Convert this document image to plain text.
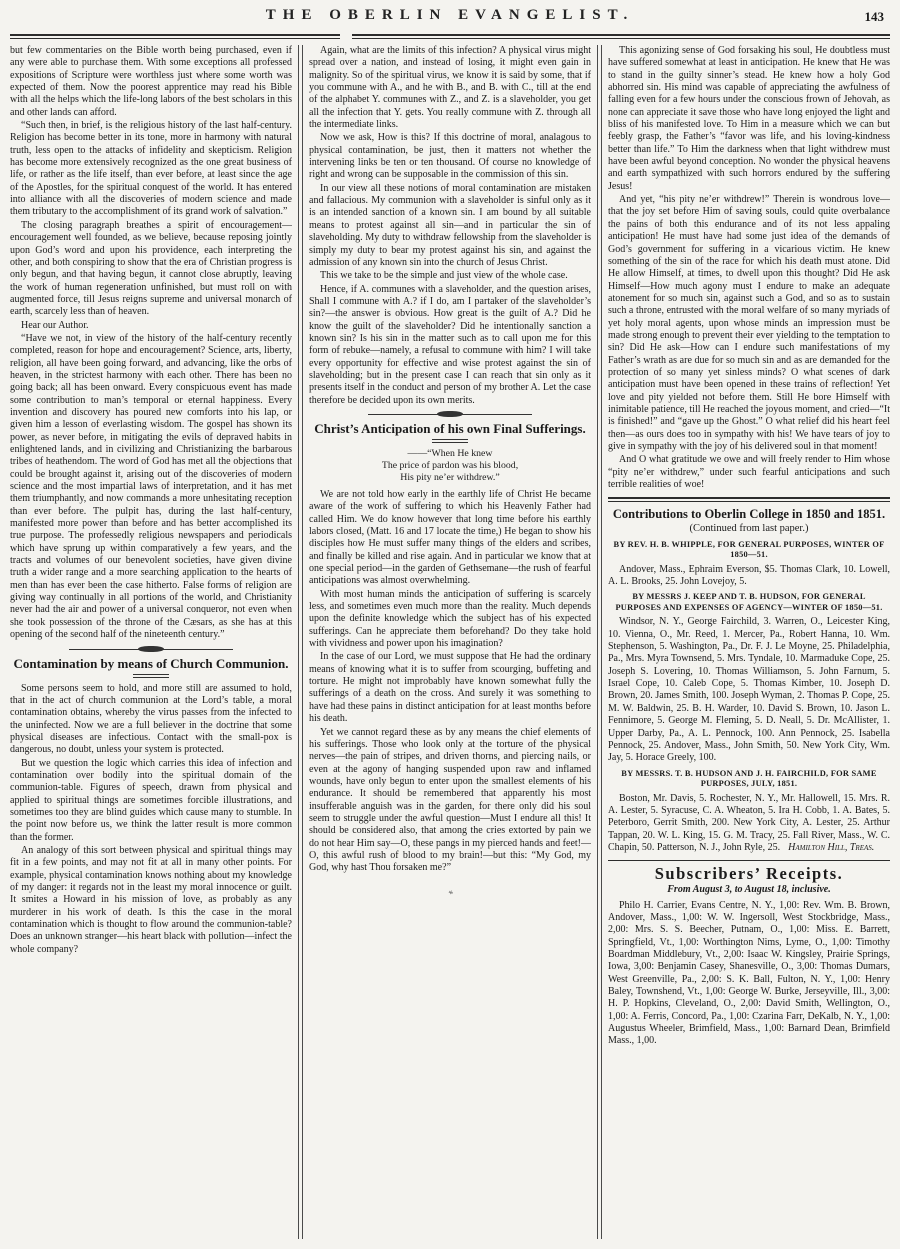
THE OBERLIN EVANGELIST.	143

but few commentaries on the Bible worth being purchased, even if any were able to purchase them. With some exceptions all professed expositions of Scripture were worthless just where some worth was expected of them. Now the poorest apprentice may read his Bible with all the helps which the life-long labors of the best scholars in this and other lands can afford.

“Such then, in brief, is the religious history of the last half-century. Religion has become better in its tone, more in harmony with natural truth, less open to the attacks of infidelity and skepticism. Religion has become more extensively recognized as the one great business of life, or rather as the life itself, than ever before, at least since the age of the Apostles, for the spiritual conquest of the world. It has entered into alliance with all the discoveries of modern science and made them tributary to the accomplishment of its grand work of salvation.”

The closing paragraph breathes a spirit of encouragement—encouragement well founded, as we believe, because reposing jointly upon God’s word and upon his providence, each interpreting the other, and both conspiring to show that the era of Christian progress is only begun, and that having begun, it cannot close abruptly, leaving the work of human regeneration unfinished, but must roll on with augmented force, till Jesus reigns supreme and universal monarch of earth, scarcely less than of heaven.

Hear our Author.

“Have we not, in view of the history of the half-century recently completed, reason for hope and encouragement? Science, arts, liberty, religion, all have been going forward, and advancing, like the orbs of heaven, in the strictest harmony with each other. There has been no going back; all has been onward. Every conspicuous event has made some contribution to man’s temporal or eternal happiness. Every invention and discovery has poured new comforts into his lap, or given him a lesson of everlasting wisdom. The gospel has shown its power, as never before, in mitigating the evils of depraved habits in enlightened lands, and in civilizing and Christianizing the barbarous tribes of heathendom. The word of God has met all the objections that could be brought against it, arising out of the discoveries of modern science and the most impartial laws of interpretation, and it has met them triumphantly, and now commands a more unhesitating reception than ever before. The pulpit has, during the last half-century, manifested more power than before and has better accomplished its true purpose. The professedly religious newspapers and periodicals which have sprung up within comparatively a few years, and the tracts and volumes of our benevolent societies, have given divine truth a wider range and a more searching application to the hearts of men than has ever been the case hitherto. False forms of religion are giving way continually in all portions of the world, and Christianity never had the air and power of a universal conqueror, not even when she took possession of the throne of the Cæsars, as she has at this opening of the second half of the nineteenth century.”

Contamination by means of Church Communion.

Some persons seem to hold, and more still are assumed to hold, that in the act of church communion at the Lord’s table, a moral contamination obtains, whereby the virus passes from the infected to the uninfected. Now we are a full believer in the doctrine that some physical diseases are infectious. Contact with the small-pox is dangerous, no doubt, unless your system is protected.

But we question the logic which carries this idea of infection and contamination over bodily into the spiritual domain of the communion-table. Figures of speech, drawn from physical and applied to spiritual things are sometimes forcible illustrations, and sometimes too they are blind guides which cause many to stumble. In the point now before us, we think the latter result is more common than the former.

An analogy of this sort between physical and spiritual things may fit in a few points, and may not fit at all in many other points. For example, physical contamination knows nothing about my knowledge of my danger: it regards not in the least my moral innocence or guilt. It smites a Howard in his mission of love, as probably as any murderer in his work of death. Is this the case in the moral contamination which is thought to flow around the communion-table? Does an unknown stranger—his heart black with pollution—infect the whole company?

Again, what are the limits of this infection? A physical virus might spread over a nation, and instead of losing, it might even gain in malignity. So of the spiritual virus, we know it is said by some, that if you commune with A., and he with B., and B. with C., till at the end of the alphabet Y. communes with Z., and Z. is a slaveholder, you get all the infection that Y. gets. You really commune with Z. through all the intermediate links.

Now we ask, How is this? If this doctrine of moral, analagous to physical contamination, be just, then it matters not whether the intervening links be ten or ten thousand. Of course no knowledge of right and wrong can be supposable in the commission of this sin.

In our view all these notions of moral contamination are mistaken and fallacious. My communion with a slaveholder is sinful only as it is an intended sanction of a known sin. I am bound by all suitable means to protest against all sin—and in particular the sin of slaveholding. My duty to withdraw fellowship from the slaveholder is simply my duty to bear my protest against his sin, and against the admission of any known sin into the church of Jesus Christ.

This we take to be the simple and just view of the whole case.

Hence, if A. communes with a slaveholder, and the question arises, Shall I commune with A.? if I do, am I partaker of the slaveholder’s sin?—the answer is obvious. How great is the guilt of A.? Did he know the guilt of the slaveholder? Did he intentionally sanction a known sin? Is his sin in the matter such as to call upon me for this form of rebuke—namely, a refusal to commune with him? I will take every opportunity for effective and wise protest against the sin of slaveholding; but in the present case I can reach that sin only as it presents itself in the conduct and person of my brother A. Let the case therefore be decided upon its own merits.

Christ’s Anticipation of his own Final Sufferings.
——“When He knew
The price of pardon was his blood,
His pity ne’er withdrew.”

We are not told how early in the earthly life of Christ He became aware of the work of suffering to which his Heavenly Father had called Him. We do know however that long time before his earthly labors closed, (Matt. 16 and 17 locate the time,) He began to show his disciples how He must suffer many things of the elders and scribes, and finally be killed and rise again. And in particular we know that at one special period—in the garden of Gethsemane—the rush of fearful anticipations was almost overwhelming.

With most human minds the anticipation of suffering is scarcely less, and sometimes even much more than the reality. Much depends upon the definite knowledge which the subject has of his expected sufferings. Can he appreciate them beforehand? Do they take hold with vividness and power upon his imagination?

In the case of our Lord, we must suppose that He had the ordinary means of knowing what it is to suffer from scourging, buffeting and torture. He might not improbably have known somewhat fully the sufferings of a death on the cross. And surely it was something to have had these pains in distinct anticipation for at least months before his death.

Yet we cannot regard these as by any means the chief elements of his sufferings. Those who look only at the torture of the physical nerves—the pain of stripes, and driven thorns, and piercing nails, or even at the agony of hanging suspended upon raw and inflamed wounds, have only begun to enter upon the smallest elements of his endurance. It should be remembered that apparently his most insufferable anguish was in the garden, for there only did his soul seem to struggle under the awful question—Must I endure all this! It should be considered also, that among the cries extorted by pain we do not hear Him say—O, these pangs in my pierced hands and feet!—O, this awful rush of blood to my brain!—but this: “My God, my God, why hast Thou forsaken me?”

*

This agonizing sense of God forsaking his soul, He doubtless must have suffered somewhat at least in anticipation. He knew that He was to stand in the guilty sinner’s stead. He knew how a holy God abhorred sin. His mind was capable of appreciating the awfulness of falling even for a few hours under the conscious frown of Jehovah, as none can appreciate it save those who have long enjoyed the light and bliss of his manifested love. To Him in a measure which we can but feebly grasp, the Father’s “favor was life, and his loving-kindness better than life.” To Him the darkness when that light withdrew must have been awful beyond conception. No wonder the physical heavens and earth sympathized with such horrors endured by the suffering Jesus!

And yet, “his pity ne’er withdrew!” Therein is wondrous love—that the joy set before Him of saving souls, could quite overbalance the pains of both this endurance and of its not less appaling anticipation! He must have had some just idea of the demands of God’s government for suffering in a vicarious victim. He knew something of the sin of the race for which his death must atone. Did He allow Himself, at times, to dwell upon this thought? Did He ask Himself—How much agony must I endure to make an adequate atonement for so much sin, against such a God, and so as to sustain such a throne, entrusted with the moral welfare of so many myriads of yet holy moral agents, upon whose minds an impression must be made strong enough to prevent their ever yielding to the temptation to sin? Did He ask—How can I endure such manifestations of my Father’s wrath as are due for so much sin and as are demanded for the protection of so many yet sinless minds? O what scenes of dark anticipation must have been opened in these trains of reflection! Yet love and pity yielded not before them. Still He bore Himself with inimitable patience, till He reached the joyous moment, and cried—“It is finished!” and “gave up the Ghost.” O what relief did his heart feel then—as ours does too in sympathy with his! We have tears of joy to give in sympathy with the joy of his delivered soul in that moment!

And O what gratitude we owe and will freely render to Him whose “pity ne’er withdrew,” under such fearful anticipations and such terrible realities of woe!

Contributions to Oberlin College in 1850 and 1851.
(Continued from last paper.)

BY REV. H. B. WHIPPLE, FOR GENERAL PURPOSES, WINTER OF 1850—51.

Andover, Mass., Ephraim Everson, $5. Thomas Clark, 10. Lowell, A. L. Brooks, 25. John Lovejoy, 5.

BY MESSRS J. KEEP AND T. B. HUDSON, FOR GENERAL PURPOSES AND EXPENSES OF AGENCY—WINTER OF 1850—51.

Windsor, N. Y., George Fairchild, 3. Warren, O., Leicester King, 10. Vienna, O., Mr. Reed, 1. Mercer, Pa., Robert Hanna, 10. Wm. Stephenson, 5. Washington, Pa., Dr. F. J. Le Moyne, 25. Philadelphia, Pa., Mrs. Myra Townsend, 5. Mrs. Tyndale, 10. Marmaduke Cope, 25. Joseph S. Lovering, 10. Thomas Williamson, 5. John Farnum, 5. Israel Cope, 10. Caleb Cope, 5. Thomas Kimber, 10. Joseph D. Brown, 20. James Smith, 100. Joseph Wyman, 2. Thomas P. Cope, 25. M. W. Baldwin, 25. B. H. Warder, 10. David S. Brown, 10. Jason L. Fennimore, 5. George M. Fleming, 5. D. Neall, 5. Dr. McAllister, 1. Upper Darby, Pa., A. L. Pennock, 100. Ann Pennock, 25. Isabella Pennock, 25. Andover, Mass., John Smith, 50. New York City, Wm. Jay, 5. Horace Greely, 100.

BY MESSRS. T. B. HUDSON AND J. H. FAIRCHILD, FOR SAME PURPOSES, JULY, 1851.

Boston, Mr. Davis, 5. Rochester, N. Y., Mr. Hallowell, 15. Mrs. R. A. Lester, 5. Syracuse, C. A. Wheaton, 5. Ira H. Cobb, 1. A. Bates, 5. Peterboro, Gerrit Smith, 200. New York City, A. Lester, 25. Arthur Tappan, 20. W. L. King, 15. G. M. Tracy, 25. Fall River, Mass., W. C. Chapin, 50. Patterson, N. J., John Ryle, 25. Hamilton Hill, Treas.

Subscribers’ Receipts.
From August 3, to August 18, inclusive.

Philo H. Carrier, Evans Centre, N. Y., 1,00: Rev. Wm. B. Brown, Andover, Mass., 1,00: W. W. Ingersoll, West Stockbridge, Mass., 2,00: Mrs. S. S. Beecher, Putnam, O., 1,00: Miss. E. Barrett, Springfield, Vt., 1,00: Worthington Nims, Lyme, O., 1,00: Timothy Boardman Middlebury, Vt., 2,00: Isaac W. Kingsley, Prairie Springs, Iowa, 3,00: Benjamin Casey, Shanesville, O., 3,00: Thomas Dumars, West Greenville, Pa., 2,00: S. K. Ball, Fulton, N. Y., 1,00: Henry Baley, Townshend, Vt., 1,00: George W. Burke, Jerseyville, Ill., 3,00: H. P. Hopkins, Cleveland, O., 2,00: David Smith, Wellington, O., 1,00: A. Ferris, Concord, Pa., 1,00: Czarina Farr, DeKalb, N. Y., 1,00: Augustus Wheeler, Brimfield, Mass., 1,00: Barnard Dean, Brimfield Mass., 1,00.
